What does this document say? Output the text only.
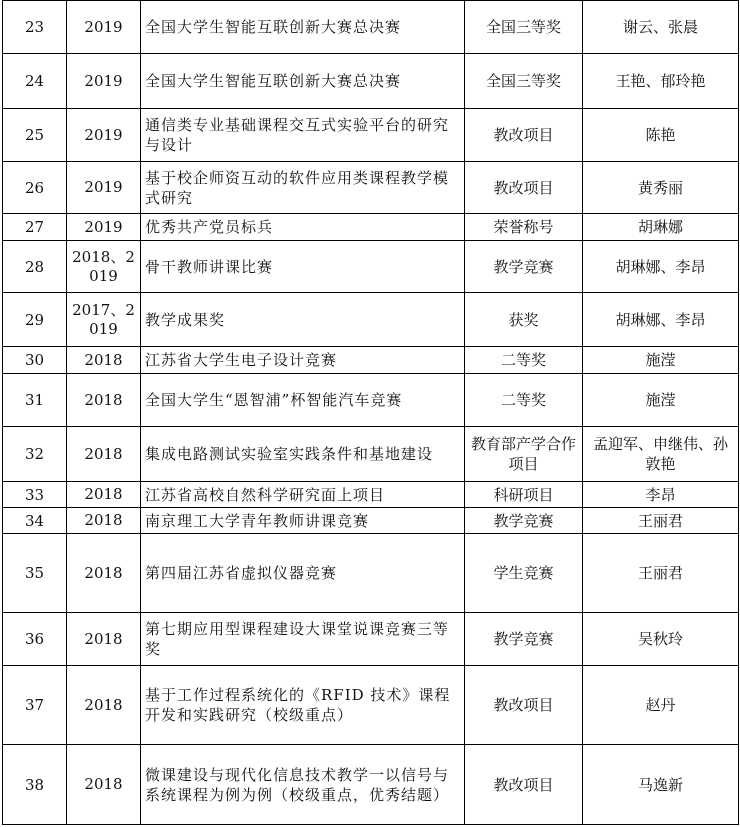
23	2019	全国大学生智能互联创新大赛总决赛	全国三等奖	谢云、张晨
24	2019	全国大学生智能互联创新大赛总决赛	全国三等奖	王艳、郁玲艳
25	2019	通信类专业基础课程交互式实验平台的研究与设计	教改项目	陈艳
26	2019	基于校企师资互动的软件应用类课程教学模式研究	教改项目	黄秀丽
27	2019	优秀共产党员标兵	荣誉称号	胡琳娜
28	2018、2019	骨干教师讲课比赛	教学竞赛	胡琳娜、李昂
29	2017、2019	教学成果奖	获奖	胡琳娜、李昂
30	2018	江苏省大学生电子设计竞赛	二等奖	施滢
31	2018	全国大学生“恩智浦”杯智能汽车竞赛	二等奖	施滢
32	2018	集成电路测试实验室实践条件和基地建设	教育部产学合作项目	孟迎军、申继伟、孙敦艳
33	2018	江苏省高校自然科学研究面上项目	科研项目	李昂
34	2018	南京理工大学青年教师讲课竞赛	教学竞赛	王丽君
35	2018	第四届江苏省虚拟仪器竞赛	学生竞赛	王丽君
36	2018	第七期应用型课程建设大课堂说课竞赛三等奖	教学竞赛	吴秋玲
37	2018	基于工作过程系统化的《RFID 技术》课程开发和实践研究（校级重点）	教改项目	赵丹
38	2018	微课建设与现代化信息技术教学一以信号与系统课程为例为例（校级重点，优秀结题）	教改项目	马逸新
